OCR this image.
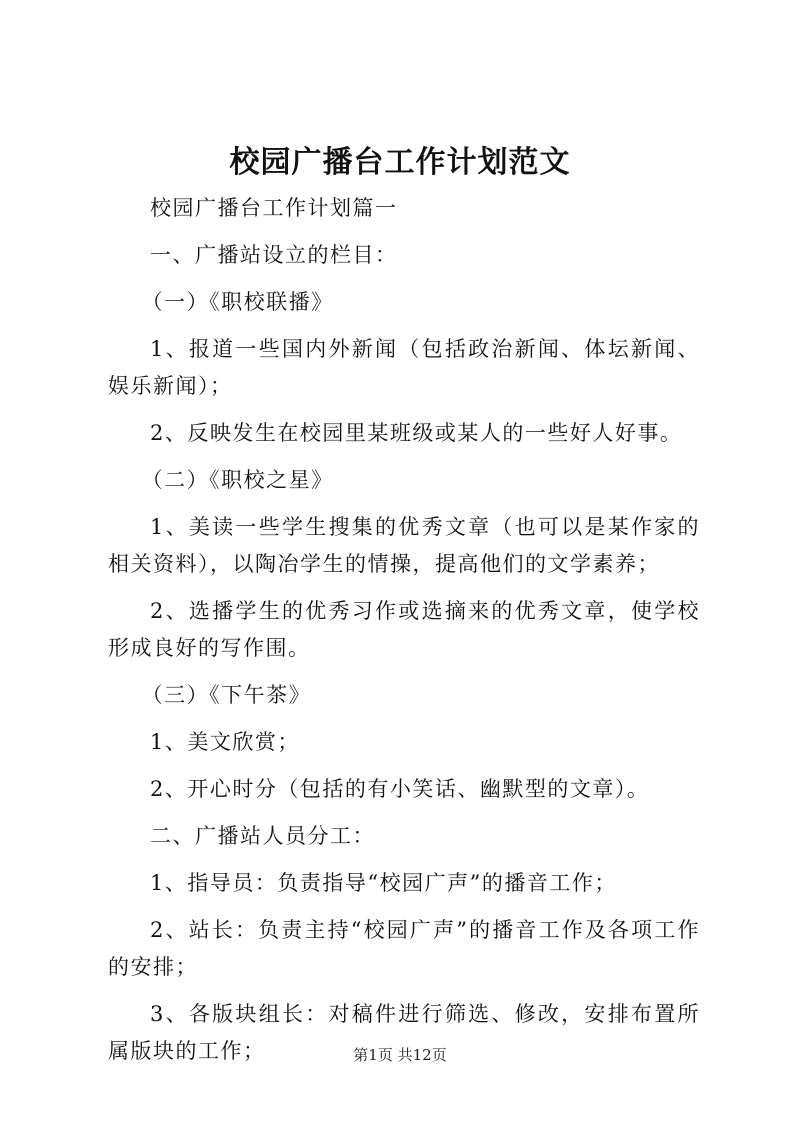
校园广播台工作计划范文

校园广播台工作计划篇一

一、广播站设立的栏目：

（一）《职校联播》

1、报道一些国内外新闻（包括政治新闻、体坛新闻、娱乐新闻）；

2、反映发生在校园里某班级或某人的一些好人好事。

（二）《职校之星》

1、美读一些学生搜集的优秀文章（也可以是某作家的相关资料），以陶冶学生的情操，提高他们的文学素养；

2、选播学生的优秀习作或选摘来的优秀文章，使学校形成良好的写作围。

（三）《下午茶》

1、美文欣赏；

2、开心时分（包括的有小笑话、幽默型的文章）。

二、广播站人员分工：

1、指导员：负责指导“校园广声”的播音工作；

2、站长：负责主持“校园广声”的播音工作及各项工作的安排；

3、各版块组长：对稿件进行筛选、修改，安排布置所属版块的工作；	第1页 共12页
